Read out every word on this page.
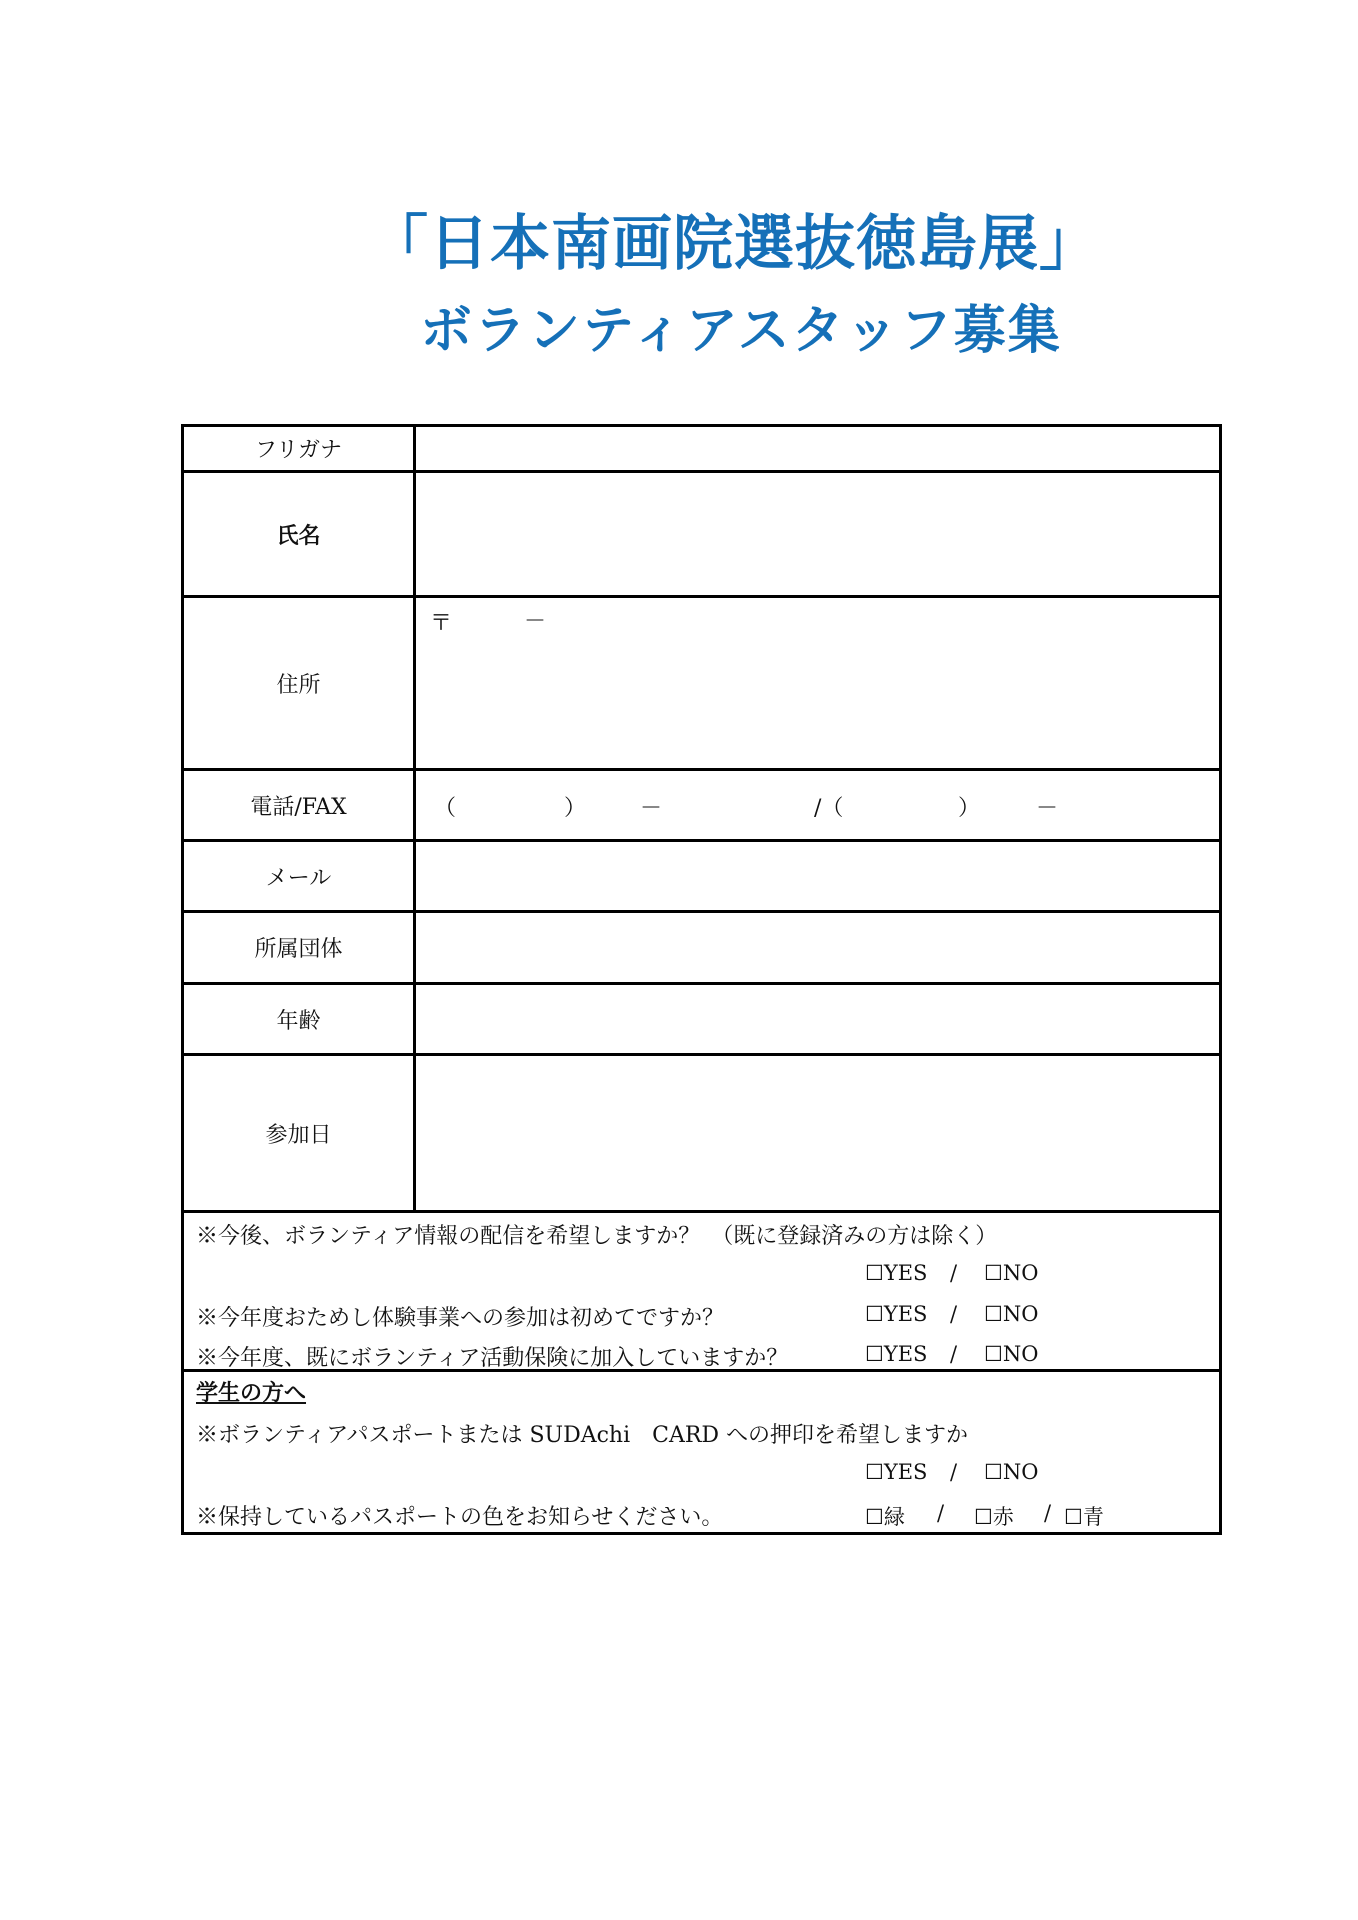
「日本南画院選抜徳島展」
ボランティアスタッフ募集
フリガナ
氏名
住所
〒	－
電話/FAX	（	） －	/（	）	－
メール
所属団体
年齢
参加日
※今後、ボランティア情報の配信を希望しますか？　（既に登録済みの方は除く）
☐YES / ☐NO
※今年度おためし体験事業への参加は初めてですか？	☐YES / ☐NO
※今年度、既にボランティア活動保険に加入していますか？	☐YES / ☐NO
学生の方へ
※ボランティアパスポートまたは SUDAchi　CARD への押印を希望しますか
☐YES / ☐NO
※保持しているパスポートの色をお知らせください。	☐緑 / ☐赤 / ☐青
